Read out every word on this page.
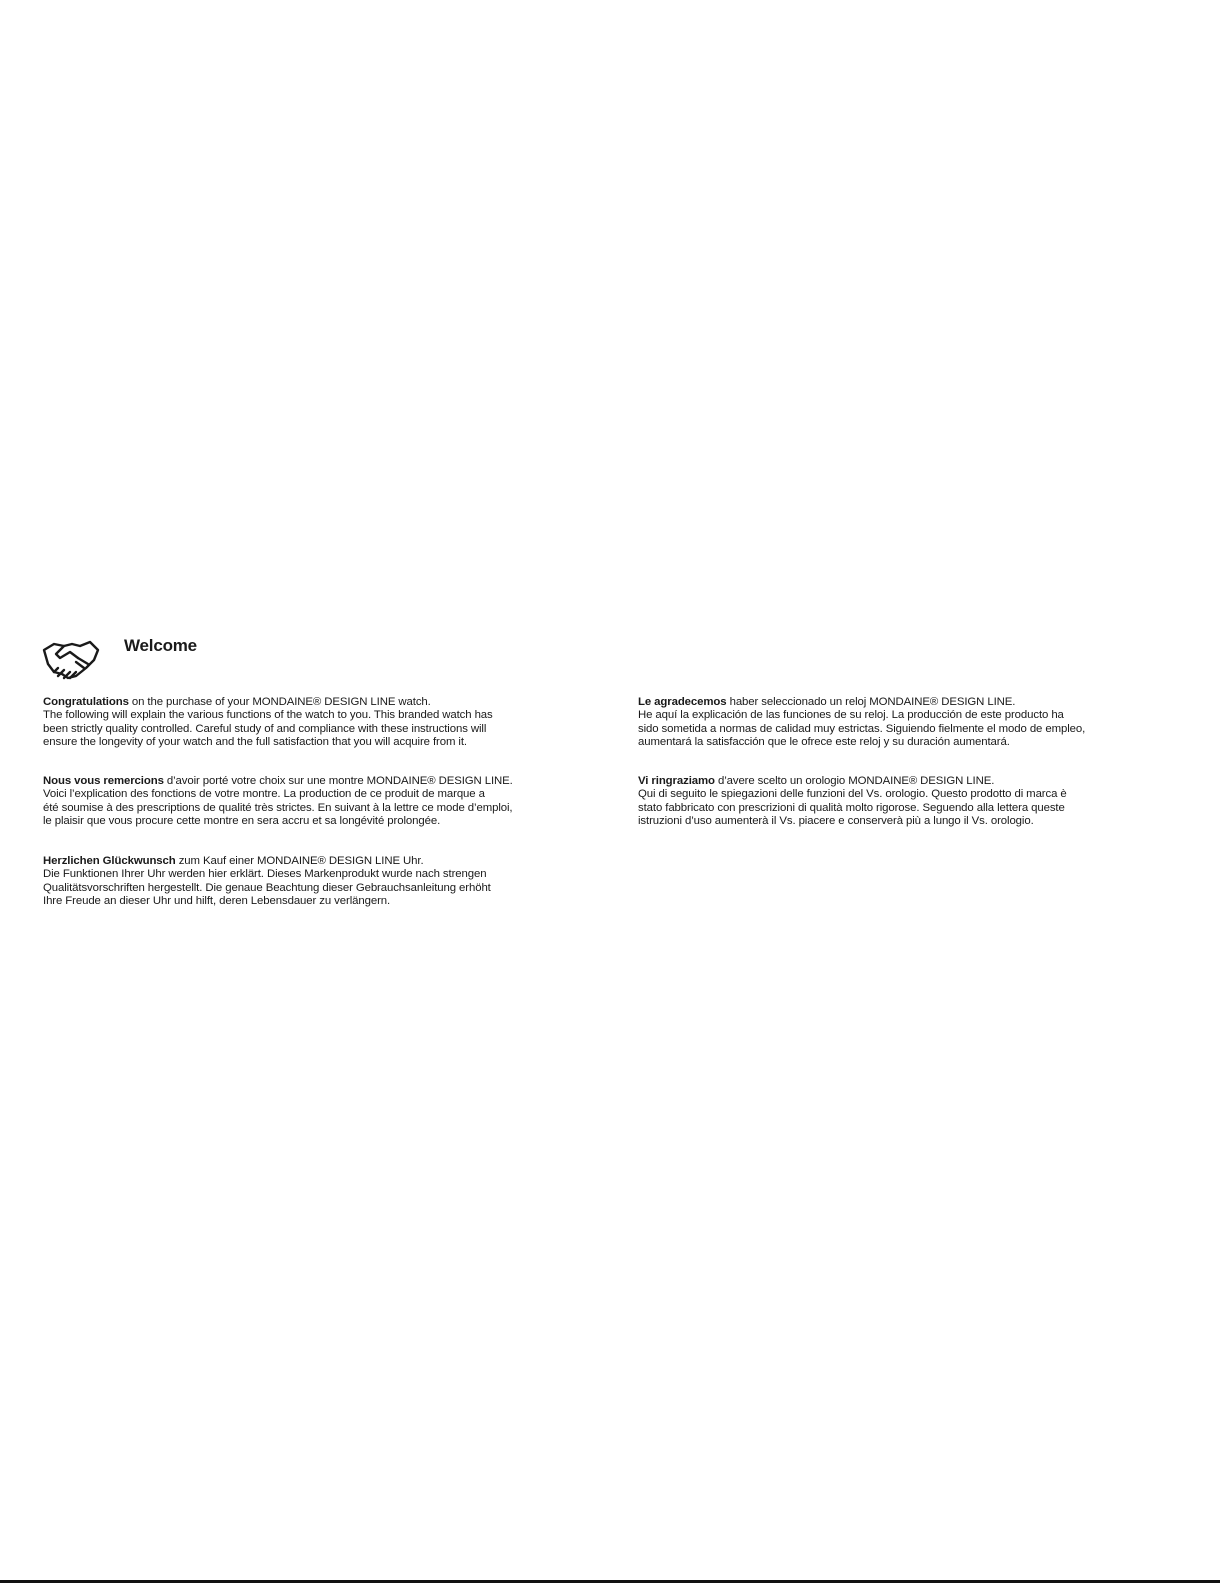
Welcome

Congratulations on the purchase of your MONDAINE® DESIGN LINE watch.

The following will explain the various functions of the watch to you. This branded watch has

been strictly quality controlled. Careful study of and compliance with these instructions will

ensure the longevity of your watch and the full satisfaction that you will acquire from it.

Nous vous remercions d’avoir porté votre choix sur une montre MONDAINE® DESIGN LINE.

Voici l’explication des fonctions de votre montre. La production de ce produit de marque a

été soumise à des prescriptions de qualité très strictes. En suivant à la lettre ce mode d’emploi,

le plaisir que vous procure cette montre en sera accru et sa longévité prolongée.

Herzlichen Glückwunsch zum Kauf einer MONDAINE® DESIGN LINE Uhr.

Die Funktionen Ihrer Uhr werden hier erklärt. Dieses Markenprodukt wurde nach strengen

Qualitätsvorschriften hergestellt. Die genaue Beachtung dieser Gebrauchsanleitung erhöht

Ihre Freude an dieser Uhr und hilft, deren Lebensdauer zu verlängern.

Le agradecemos haber seleccionado un reloj MONDAINE® DESIGN LINE.

He aquí la explicación de las funciones de su reloj. La producción de este producto ha

sido sometida a normas de calidad muy estrictas. Siguiendo fielmente el modo de empleo,

aumentará la satisfacción que le ofrece este reloj y su duración aumentará.

Vi ringraziamo d’avere scelto un orologio MONDAINE® DESIGN LINE.

Qui di seguito le spiegazioni delle funzioni del Vs. orologio. Questo prodotto di marca è

stato fabbricato con prescrizioni di qualità molto rigorose. Seguendo alla lettera queste

istruzioni d’uso aumenterà il Vs. piacere e conserverà più a lungo il Vs. orologio.
